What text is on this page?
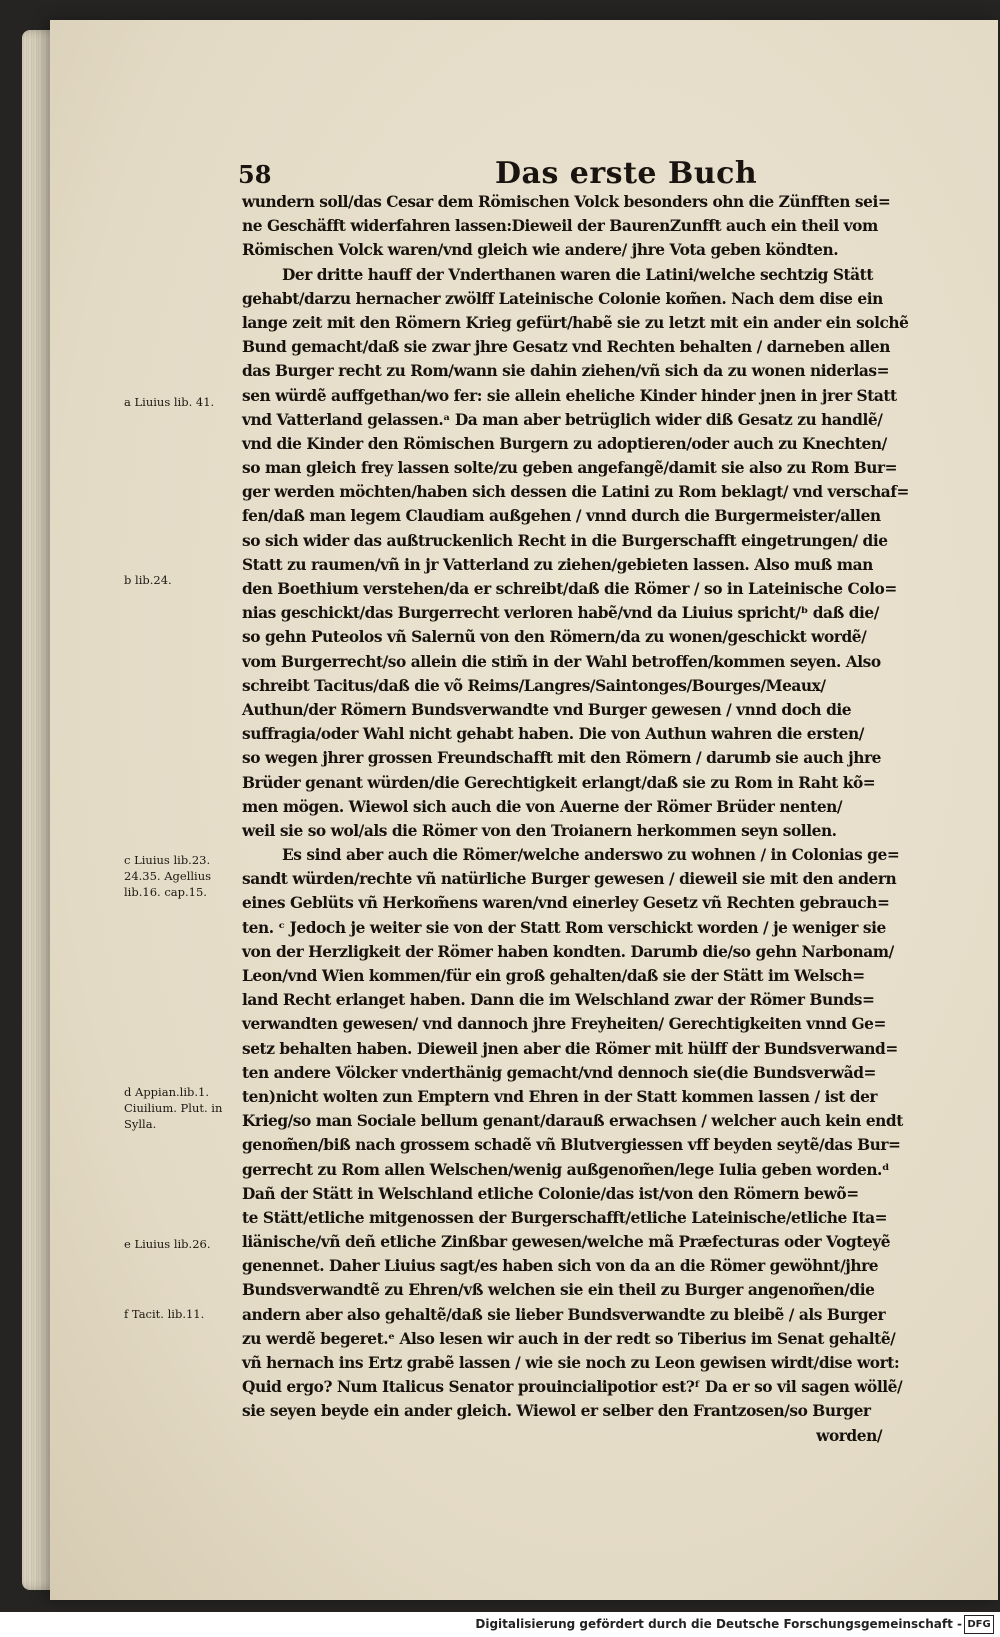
58	Das erste Buch
wundern soll/das Cesar dem Römischen Volck besonders ohn die Zünfften sei=
ne Geschäfft widerfahren lassen:Dieweil der BaurenZunfft auch ein theil vom
Römischen Volck waren/vnd gleich wie andere/ jhre Vota geben köndten.
Der dritte hauff der Vnderthanen waren die Latini/welche sechtzig Stätt
gehabt/darzu hernacher zwölff Lateinische Colonie kom̃en. Nach dem dise ein
lange zeit mit den Römern Krieg gefürt/habẽ sie zu letzt mit ein ander ein solchẽ
Bund gemacht/daß sie zwar jhre Gesatz vnd Rechten behalten / darneben allen
das Burger recht zu Rom/wann sie dahin ziehen/vñ sich da zu wonen niderlas=
sen würdẽ auffgethan/wo fer: sie allein eheliche Kinder hinder jnen in jrer Statt
vnd Vatterland gelassen.ᵃ Da man aber betrüglich wider diß Gesatz zu handlẽ/
vnd die Kinder den Römischen Burgern zu adoptieren/oder auch zu Knechten/
so man gleich frey lassen solte/zu geben angefangẽ/damit sie also zu Rom Bur=
ger werden möchten/haben sich dessen die Latini zu Rom beklagt/ vnd verschaf=
fen/daß man legem Claudiam außgehen / vnnd durch die Burgermeister/allen
so sich wider das außtruckenlich Recht in die Burgerschafft eingetrungen/ die
Statt zu raumen/vñ in jr Vatterland zu ziehen/gebieten lassen. Also muß man
den Boethium verstehen/da er schreibt/daß die Römer / so in Lateinische Colo=
nias geschickt/das Burgerrecht verloren habẽ/vnd da Liuius spricht/ᵇ daß die/
so gehn Puteolos vñ Salernũ von den Römern/da zu wonen/geschickt wordẽ/
vom Burgerrecht/so allein die stim̃ in der Wahl betroffen/kommen seyen. Also
schreibt Tacitus/daß die võ Reims/Langres/Saintonges/Bourges/Meaux/
Authun/der Römern Bundsverwandte vnd Burger gewesen / vnnd doch die
suffragia/oder Wahl nicht gehabt haben. Die von Authun wahren die ersten/
so wegen jhrer grossen Freundschafft mit den Römern / darumb sie auch jhre
Brüder genant würden/die Gerechtigkeit erlangt/daß sie zu Rom in Raht kõ=
men mögen. Wiewol sich auch die von Auerne der Römer Brüder nenten/
weil sie so wol/als die Römer von den Troianern herkommen seyn sollen.
Es sind aber auch die Römer/welche anderswo zu wohnen / in Colonias ge=
sandt würden/rechte vñ natürliche Burger gewesen / dieweil sie mit den andern
eines Geblüts vñ Herkom̃ens waren/vnd einerley Gesetz vñ Rechten gebrauch=
ten. ᶜ Jedoch je weiter sie von der Statt Rom verschickt worden / je weniger sie
von der Herzligkeit der Römer haben kondten. Darumb die/so gehn Narbonam/
Leon/vnd Wien kommen/für ein groß gehalten/daß sie der Stätt im Welsch=
land Recht erlanget haben. Dann die im Welschland zwar der Römer Bunds=
verwandten gewesen/ vnd dannoch jhre Freyheiten/ Gerechtigkeiten vnnd Ge=
setz behalten haben. Dieweil jnen aber die Römer mit hülff der Bundsverwand=
ten andere Völcker vnderthänig gemacht/vnd dennoch sie(die Bundsverwãd=
ten)nicht wolten zun Emptern vnd Ehren in der Statt kommen lassen / ist der
Krieg/so man Sociale bellum genant/darauß erwachsen / welcher auch kein endt
genom̃en/biß nach grossem schadẽ vñ Blutvergiessen vff beyden seytẽ/das Bur=
gerrecht zu Rom allen Welschen/wenig außgenom̃en/lege Iulia geben worden.ᵈ
Dañ der Stätt in Welschland etliche Colonie/das ist/von den Römern bewõ=
te Stätt/etliche mitgenossen der Burgerschafft/etliche Lateinische/etliche Ita=
liänische/vñ deñ etliche Zinßbar gewesen/welche mã Præfecturas oder Vogteyẽ
genennet. Daher Liuius sagt/es haben sich von da an die Römer gewöhnt/jhre
Bundsverwandtẽ zu Ehren/vß welchen sie ein theil zu Burger angenom̃en/die
andern aber also gehaltẽ/daß sie lieber Bundsverwandte zu bleibẽ / als Burger
zu werdẽ begeret.ᵉ Also lesen wir auch in der redt so Tiberius im Senat gehaltẽ/
vñ hernach ins Ertz grabẽ lassen / wie sie noch zu Leon gewisen wirdt/dise wort:
Quid ergo? Num Italicus Senator prouincialipotior est?ᶠ Da er so vil sagen wöllẽ/
sie seyen beyde ein ander gleich. Wiewol er selber den Frantzosen/so Burger
worden/
a Liuius lib. 41.
b lib.24.
c Liuius lib.23. 24.35. Agellius lib.16. cap.15.
d Appian.lib.1. Ciuilium. Plut. in Sylla.
e Liuius lib.26.
f Tacit. lib.11.
Digitalisierung gefördert durch die Deutsche Forschungsgemeinschaft - DFG
